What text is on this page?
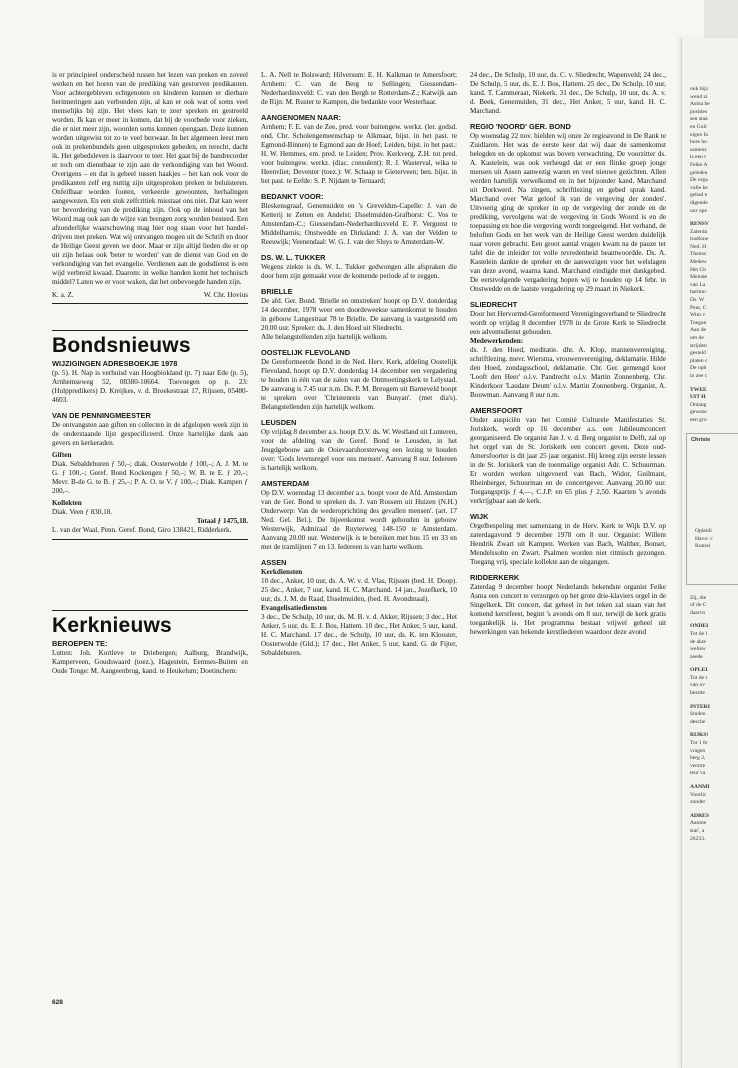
is er principieel onderscheid tussen het lezen van preken en zoveel werken en het horen van de prediking van gestorven predikanten. Voor achtergebleven echtgenoten en kinderen kunnen er dierbare herinneringen aan verbonden zijn, al kan er ook wat of soms veel menselijks bij zijn. Het vlees kan te zeer spreken en gestreeld worden. Ik kan er meer in komen, dat bij de voorbede voor zieken, die er niet meer zijn, woorden soms kunnen opengaan. Deze kunnen worden uitgewist tot zo te veel bezwaar. In het algemeen leest men ook in prekenbundels geen uitgesproken gebeden, en terecht, dacht ik. Het gebedsleven is daarvoor te teer. Het gaat bij de bandrecorder er toch om dienstbaar te zijn aan de verkondiging van het Woord. Overigens – en dat is gebeel tussen haakjes – het kan ook voor de predikanten zelf erg nuttig zijn uitgesproken preken te beluisteren. Onfeilbaar worden fouten, verkeerde gewoonten, herhalingen aangewezen. En een stuk zelfcritiek misstaat ons niet. Dat kan weer ter bevordering van de prediking zijn. Ook op de inhoud van het Woord mag ook aan de wijze van brengen zorg worden besteed. Een afzonderlijke waarschuwing mag hier nog staan voor het handel-drijven met preken. Wat wij ontvangen mogen uit de Schrift en door de Heilige Geest geven we door. Maar er zijn altijd lieden die er op uit zijn helaas ook 'beter te worden' van de dienst van God en de verkondiging van het evangelie. Verdienen aan de godsdienst is een wijd verbreid kwaad. Daarom: in welke handen komt het technisch middel? Laten we er voor waken, dat het onbevoegde handen zijn.

K. a. Z.	W. Chr. Hovius
Bondsnieuws
WIJZIGINGEN ADRESBOEKJE 1978

(p. 5). H. Nap is verhuisd van Hoogbiokland (p. 7) naar Ede (p. 5), Arnhemseweg 52, 08380-10664. Toevoegen op p. 23: (Hulppredikers) D. Kreijkes, v. d. Broekestraat 17, Rijssen, 05480-4603.

VAN DE PENNINGMEESTER

De ontvangsten aan giften en collecten in de afgelopen week zijn in de onderstaande lijst gespecificeerd. Onze hartelijke dank aan gevers en kerkeraden.

Giften

Diak. Sebaldeburen ƒ 50,–; diak. Oosterwolde ƒ 100,–; A. J. M. te G. ƒ 100,–; Geref. Bond Kockengen ƒ 50,–; W. B. te E. ƒ 20,–; Mevr. B-de G. te B. ƒ 25,–; P. A. O. te V. ƒ 100,–; Diak. Kampen ƒ 200,–.

Kollekten

Diak. Veen ƒ 830,18.

Totaal ƒ 1475,18.

L. van der Waal, Penn. Geref. Bond, Giro 138421, Ridderkerk.

Kerknieuws
BEROEPEN TE:

Lutten: Joh. Kortleve te Driebergen; Aalburg, Brandwijk, Kamperveen, Goudswaard (toez.), Hagestein, Eemnes-Buiten en Oude Tonge: M. Aangeenbrug, kand. te Heukelum; Doetinchem:

L. A. Nell te Bolsward; Hilversum: E. H. Kalkman te Amersfoort; Arnhem: C. van de Berg te Sellingen; Giessendam-Nederhardinxveld: C. van den Bergh te Rotterdam-Z.; Katwijk aan de Rijn: M. Ruster te Kampen, die bedankte voor Westerhaar.

AANGENOMEN NAAR:

Arnhem; F. E. van de Zee, pred. voor buitengew. werkz. (ler. godsd. ond. Chr. Scholengemeenschap te Alkmaar, bijst. in het past. te Egmond-Binnen) te Egmond aan de Hoef; Leiden, bijst. in het past.: H. W. Hemmes, em. pred. te Leiden; Prov. Kerkverg. Z.H. tot pred. voor buitengew. werkz. (diac. consulent): R. J. Wasterval, wika te Heenvliet; Deventer (toez.): W. Schaap te Gieterveen; ben. bijst. in het past. te Eefde: S. P. Nijdam te Ternaard;

BEDANKT VOOR:

Bleskensgraaf, Genemuiden en 's Greveldun-Capelle: J. van de Ketterij te Zetten en Andelst; IJsselmuiden-Grafhorst: C. Vos te Amsterdam-C.; Giessendam-Nederhardinxveld E. F. Vergunst te Middelharnis; Onstwedde en Dirksland: J. A. van der Velden te Reeuwijk; Veenendaal: W. G. J. van der Sluys te Amsterdam-W.

DS. W. L. TUKKER

Wegens ziekte is ds. W. L. Tukker gedwongen alle afspraken die door hem zijn gemaakt voor de komende periode af te zeggen.

BRIELLE

De afd. Ger. Bond. 'Brielle en omstreken' hoopt op D.V. donderdag 14 december, 1978 weer een doordeweekse samenkomst te houden in gebouw Langestraat 78 te Brielle. De aanvang is vastgesteld om 20.00 uur. Spreker: ds. J. den Hoed uit Sliedrecht.

Alle belangstellenden zijn hartelijk welkom.

OOSTELIJK FLEVOLAND

De Gereformeerde Bond in de Ned. Herv. Kerk, afdeling Oostelijk Flevoland, hoopt op D.V. donderdag 14 december een vergadering te houden in één van de zalen van de Ontmoetingskerk te Lelystad. De aanvang is 7.45 uur n.m. Ds. P. M. Breugem uit Barneveld hoopt te spreken over 'Christenreis van Bunyan'. (met dia's). Belangstellenden zijn hartelijk welkom.

LEUSDEN

Op vrijdag 8 december a.s. hoopt D.V. ds. W. Westland uit Lunteren, voor de afdeling van de Geref. Bond te Leusden, in het Jeugdgebouw aan de Ooievaarshorsterweg een lezing te houden over: 'Gods levensregel voor ons mensen'. Aanvang 8 uur. Iedereen is hartelijk welkom.

AMSTERDAM

Op D.V. woensdag 13 december a.s. hoopt voor de Afd. Amsterdam van de Ger. Bond te spreken ds. J. van Rossem uit Huizen (N.H.) Onderwerp: Van de wederoprichting des gevallen mensen'. (art. 17 Ned. Gel. Bel.). De bijeenkomst wordt gehouden in gebouw Westerwijk, Admiraal de Ruyterweg 148-150 te Amsterdam. Aanvang 20.00 uur. Westerwijk is te bereiken met bus 15 en 33 en met de tramlijnen 7 en 13. Iedereen is van harte welkom.

ASSEN
Kerkdiensten

10 dec., Anker, 10 uur, ds. A. W. v. d. Vlas, Rijssen (bed. H. Doop). 25 dec., Anker, 7 uur, kand. H. C. Marchand. 14 jan., Jozefkerk, 10 uur, ds. J. M. de Raad, IJsselmuiden, (bed. H. Avondmaal).

Evangelisatiediensten

3 dec., De Schulp, 10 uur, ds. M. B. v. d. Akker, Rijssen; 3 dec., Het Anker, 5 uur, ds. E. J. Bos, Hattem. 10 dec., Het Anker, 5 uur, kand. H. C. Marchand. 17 dec., de Schulp, 10 uur, ds. K. ten Klooster, Oosterwolde (Gld.); 17 dec., Het Anker, 5 uur, kand. G. de Fijter, Sebaldeburen.

24 dec., De Schulp, 10 uur, ds. C. v. Sliedrecht, Wapenveld; 24 dec., De Schulp, 5 uur, ds. E. J. Bos, Hattem. 25 dec., De Schulp, 10 uur, kand. T. Cammeraat, Niekerk. 31 dec., De Schulp, 10 uur, ds. A. v. d. Beek, Genemuiden, 31 dec., Het Anker, 5 uur, kand. H. C. Marchand.

REGIO 'NOORD' GER. BOND

Op woensdag 22 nov. hielden wij onze 2e regioavond in De Rank te Zuidlaren. Het was de eerste keer dat wij daar de samenkomst belegden en de opkomst was boven verwachting. De voorzitter ds. A. Kastelein, was ook verheugd dat er een flinke groep jonge mensen uit Assen aanwezig waren en veel nieuwe gezichten. Allen werden hartelijk verwelkomd en in het bijzonder kand. Marchand uit Dorkwerd. Na zingen, schriftlezing en gebed sprak kand. Marchand over 'Wat geloof ik van de vergeving der zonden'. Uitvoerig ging de spreker in op de vergeving der zonde en de prediking, vervolgens wat de vergeving in Gods Woord is en de toepassing en hoe die vergeving wordt toegeeigend. Het verband, de beloften Gods en het werk van de Heilige Geest werden duidelijk naar voren gebracht. Een groot aantal vragen kwam na de pauze ter tafel die de inleider tot volle tevredenheid beantwoordde. Ds. A. Kastelein dankte de spreker en de aanwezigen voor het welslagen van deze avond, waarna kand. Marchand eindigde met dankgebed. De eerstvolgende vergadering hopen wij te houden op 14 febr. in Onstwedde en de laatste vergadering op 29 maart in Niekerk.

SLIEDRECHT

Door het Hervormd-Gereformeerd Verenigingsverband te Sliedrecht wordt op vrijdag 8 december 1978 in de Grote Kerk te Sliedrecht een adventsdienst gehouden.

Medewerkenden:

ds. J. den Hoed, meditatie. dhr. A. Klop, mannenvereniging, schriftlezing. mevr. Wiersma, vrouwenvereniging, deklamatie. Hilde den Hoed, zondagsschool, deklamatie. Chr. Ger. gemengd koor 'Looft den Heer' o.l.v. Pandrecht o.l.v. Martin Zonnenberg. Chr. Kinderkoor 'Laudate Deum' o.l.v. Martin Zonnenberg. Organist, A. Bouwman. Aanvang 8 uur n.m.

AMERSFOORT

Onder auspiciën van het Comité Culturele Manifestaties St. Joriskerk, wordt op 16 december a.s. een Jubileumconcert georganiseerd. De organist Jan J. v. d. Berg organist te Delft, zal op het orgel van de St. Joriskerk een concert geven. Deze oud-Amersfoorter is dit jaar 25 jaar organist. Hij kreeg zijn eerste lessen in de St. Joriskerk van de toenmalige organist Adr. C. Schuurman. Er worden werken uitgevoerd van Bach, Widor, Guilmant, Rheinberger, Schuurman en de concertgever. Aanvang 20.00 uur. Toegangsprijs ƒ 4,—, C.J.P. en 65 plus ƒ 2,50. Kaarten 's avonds verkrijgbaar aan de kerk.

WIJK

Orgelbespeling met samenzang in de Herv. Kerk te Wijk D.V. op zaterdagavond 9 december 1978 om 8 uur. Organist: Willem Hendrik Zwart uit Kampen. Werken van Bach, Walther, Bonset, Mendelssohn en Zwart. Psalmen worden niet ritmisch gezongen. Toegang vrij, speciale kollekte aan de uitgangen.

RIDDERKERK

Zaterdag 9 december hoopt Nederlands bekendste organist Feike Asma een concert te verzorgen op het grote drie-klaviers orgel in de Singelkerk. Dit concert, dat geheel in het teken zal staan van het komend kerstfeest, begint 's avonds om 8 uur, terwijl de kerk gratis toegankelijk is. Het programma bestaat vrijwel geheel uit bewerkingen van bekende kerstliederen waardoor deze avond

628
ook bijz
wend zi
Asma be
posities
sen staa
en Guil
eigen fa
hore ho
samenz
is een t
Feike A
geleden
De orga
volle ke
gehad e
digende
uur ope
RENSV
Zaterda
tradione
Ned. H
Thema:
Medew
Het Ch
Meinde
van La
bariton
Ds. W
Peut, C
Wim v
Toegan
Aan de
om de
strijden
gesteld
platen c
De oph
in zee c
TWEE
UIT H
Onlang
geweze
een gro
Christe
Opleidi
Havo- c
Ronssi
Zij, die
of de C
daarvo
ONDEI
Tot de l
de akte
welisw
zeede
OPLEI
Tot de t
van ov
bezitte
INTERI
Studen
desche
RIJKS!
Tot 1 fe
vragen
berg 2,
verstre
teur va
AANMI
Voorlic
zonder
ADRES
Aanme
star', a
26233.
